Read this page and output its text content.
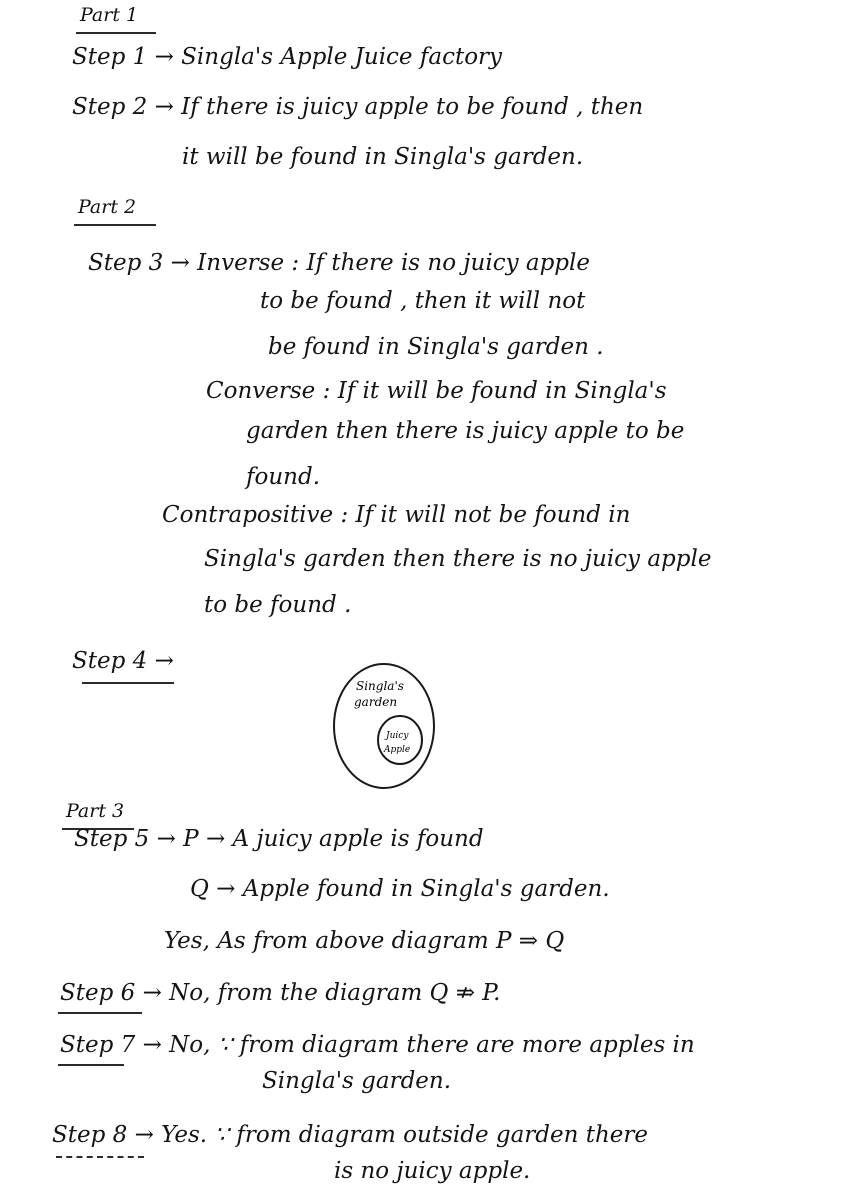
Part 1
Step 1 → Singla's Apple Juice factory
Step 2 → If there is juicy apple to be found , then
it will be found in Singla's garden.
Part 2
Step 3 → Inverse : If there is no juicy apple
to be found , then it will not
be found in Singla's garden .
Converse : If it will be found in Singla's
garden then there is juicy apple to be
found.
Contrapositive : If it will not be found in
Singla's garden then there is no juicy apple
to be found .
Step 4 →
Singla's
garden
Juicy
Apple
Part 3
Step 5 → P → A juicy apple is found
Q → Apple found in Singla's garden.
Yes, As from above diagram P ⇒ Q
Step 6 → No, from the diagram Q ⇏ P.
Step 7 → No, ∵ from diagram there are more apples in
Singla's garden.
Step 8 → Yes. ∵ from diagram outside garden there
is no juicy apple.
